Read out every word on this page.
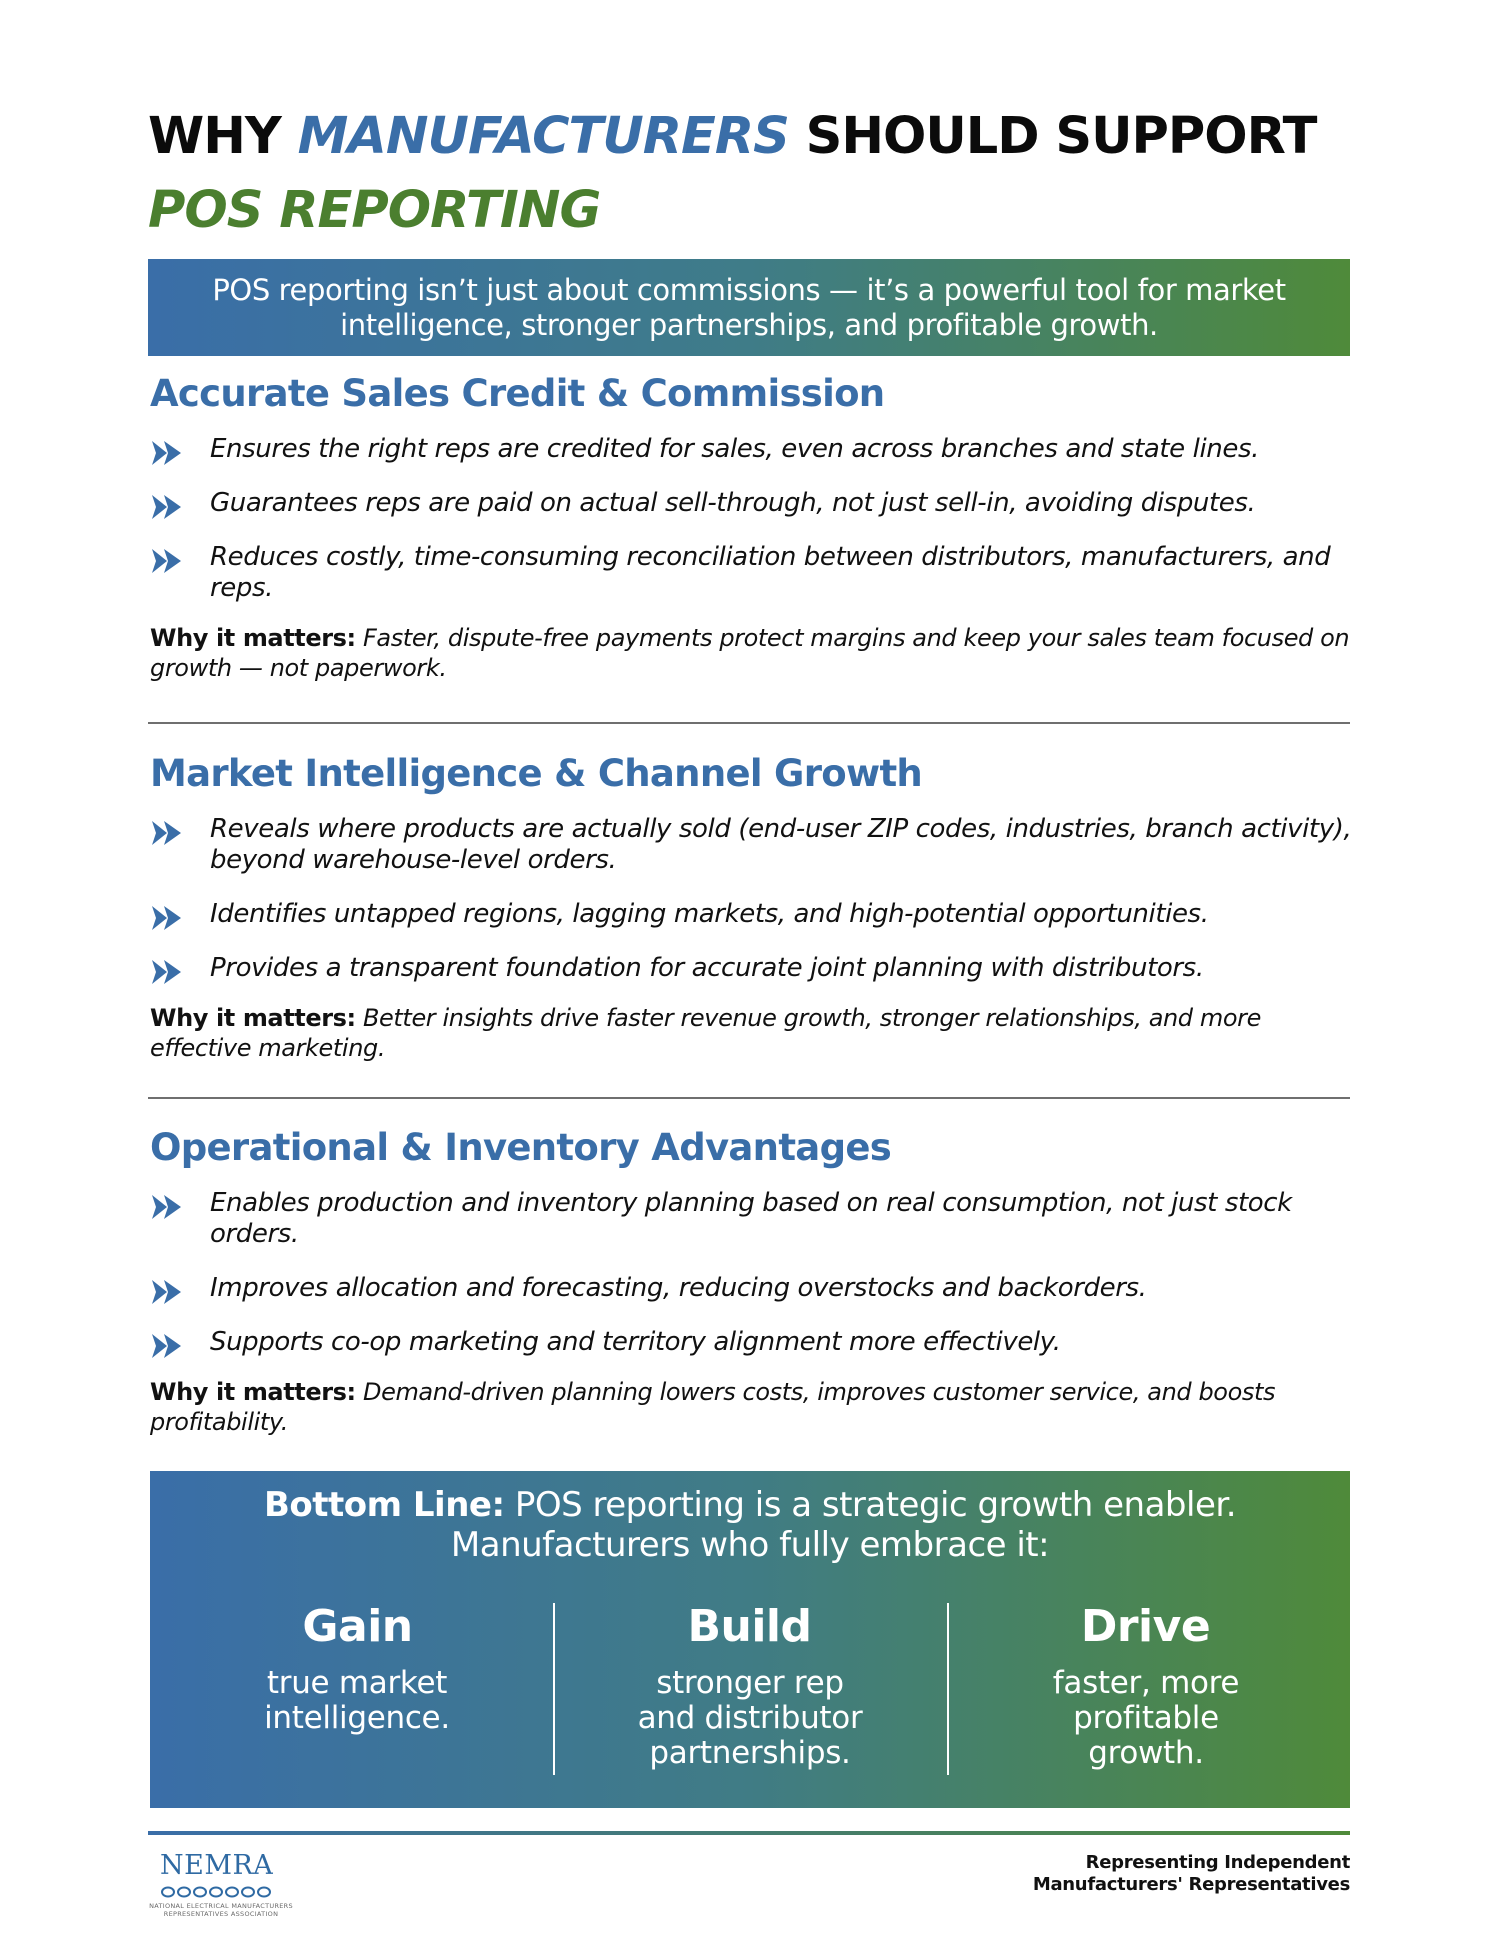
WHY MANUFACTURERS SHOULD SUPPORT
POS REPORTING
POS reporting isn’t just about commissions — it’s a powerful tool for market intelligence, stronger partnerships, and profitable growth.
Accurate Sales Credit & Commission
Ensures the right reps are credited for sales, even across branches and state lines.
Guarantees reps are paid on actual sell-through, not just sell-in, avoiding disputes.
Reduces costly, time-consuming reconciliation between distributors, manufacturers, and reps.

Why it matters: Faster, dispute-free payments protect margins and keep your sales team focused on growth — not paperwork.

Market Intelligence & Channel Growth
Reveals where products are actually sold (end-user ZIP codes, industries, branch activity), beyond warehouse-level orders.
Identifies untapped regions, lagging markets, and high-potential opportunities.
Provides a transparent foundation for accurate joint planning with distributors.

Why it matters: Better insights drive faster revenue growth, stronger relationships, and more effective marketing.

Operational & Inventory Advantages
Enables production and inventory planning based on real consumption, not just stock orders.
Improves allocation and forecasting, reducing overstocks and backorders.
Supports co-op marketing and territory alignment more effectively.

Why it matters: Demand-driven planning lowers costs, improves customer service, and boosts profitability.

Bottom Line: POS reporting is a strategic growth enabler.
Manufacturers who fully embrace it:
Gain
true market intelligence.
Build
stronger rep and distributor partnerships.
Drive
faster, more profitable growth.
NEMRA
NATIONAL ELECTRICAL MANUFACTURERS
REPRESENTATIVES ASSOCIATION
Representing Independent
Manufacturers' Representatives
